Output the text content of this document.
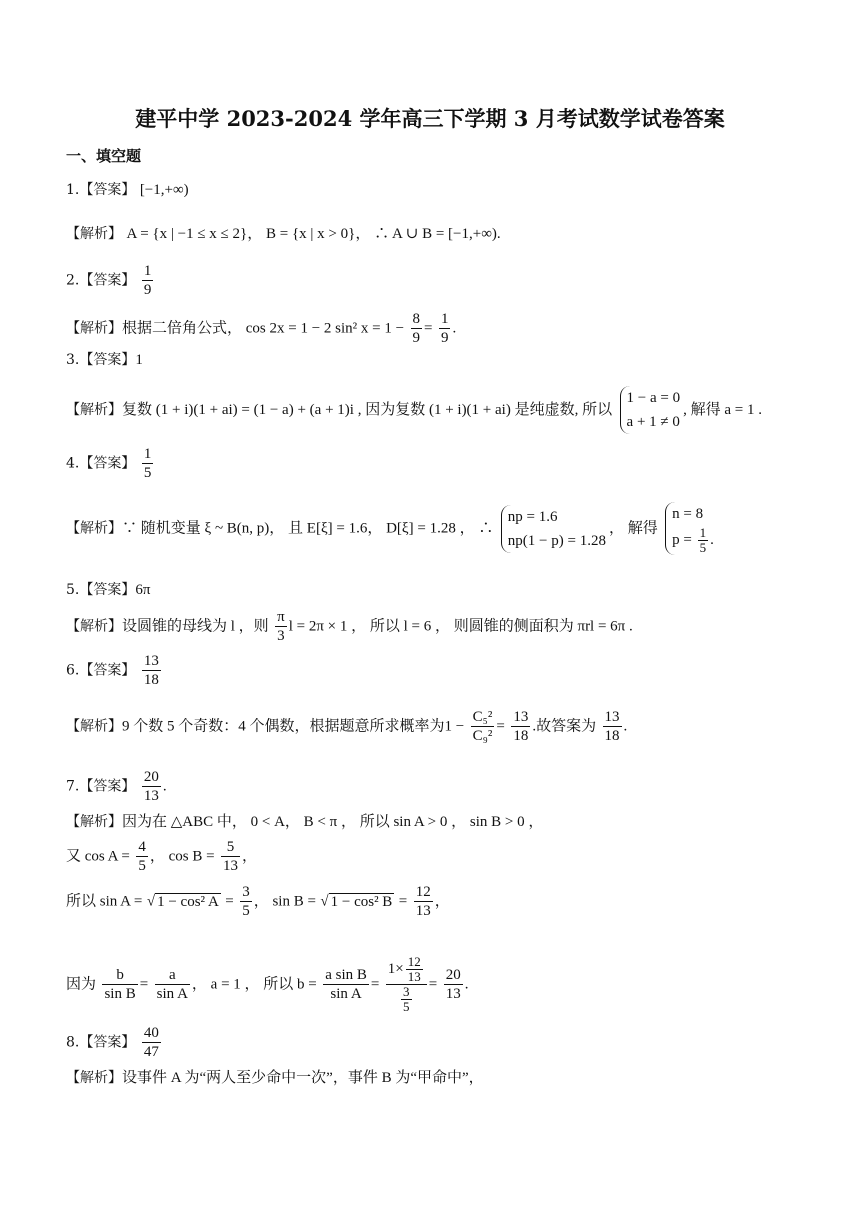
建平中学 2023-2024 学年高三下学期 3 月考试数学试卷答案
一、填空题
1.【答案】 [−1,+∞)
【解析】 A = {x | −1 ≤ x ≤ 2}， B = {x | x > 0}， ∴ A ∪ B = [−1,+∞).
2.【答案】 $\frac{1}{9}$
【解析】根据二倍角公式， cos 2x = 1 − 2 sin² $x = 1 - \frac{8}{9} = \frac{1}{9}$ .
3.【答案】1
【解析】复数 (1 + i)(1 + ai) = (1 − a) + (a + 1)i , 因为复数 (1 + i)(1 + ai) 是纯虚数, 所以
1 − a = 0
a + 1 ≠ 0
, 解得 a = 1 .
4.【答案】 $\frac{1}{5}$
【解析】∵ 随机变量 ξ ~ B(n, p)， 且 E[ξ] = 1.6， D[ξ] = 1.28 ， ∴
np = 1.6
np(1 − p) = 1.28
， 解得
n = 8
$p = \frac{1}{5}$ .
5.【答案】6π
【解析】设圆锥的母线为 l ，则 $\frac{\pi}{3}$ l = 2π × 1 ， 所以 l = 6 ， 则圆锥的侧面积为 πrl = 6π .
6.【答案】 $\frac{13}{18}$
【解析】9 个数 5 个奇数：4 个偶数，根据题意所求概率为$1 - \frac{\text{C₅²}}{\text{C₉²}} = \frac{13}{18}$ .故答案为 $\frac{13}{18}$ .
7.【答案】 $\frac{20}{13}$ .
【解析】因为在 △ABC 中， 0 < A， B < π ， 所以 sin A > 0 ， sin B > 0 ，
又 $\cos A = \frac{4}{5}$ ， $\cos B = \frac{5}{13}$ ，
所以 sin A = √ 1 − cos² $A = \frac{3}{5}$ ， sin B = √ 1 − cos² $B = \frac{12}{13}$ ，
因为 $\frac{b}{\text{sin B}} = \frac{a}{\text{sin A}}$ ， a = 1 ， 所以 $b = \frac{\text{a sin B}}{\text{sin A}} = \frac{1\times \frac{12}{13}}{\frac{3}{5}} = \frac{20}{13}$ .
8.【答案】 $\frac{40}{47}$
【解析】设事件 A 为“两人至少命中一次”，事件 B 为“甲命中”，
